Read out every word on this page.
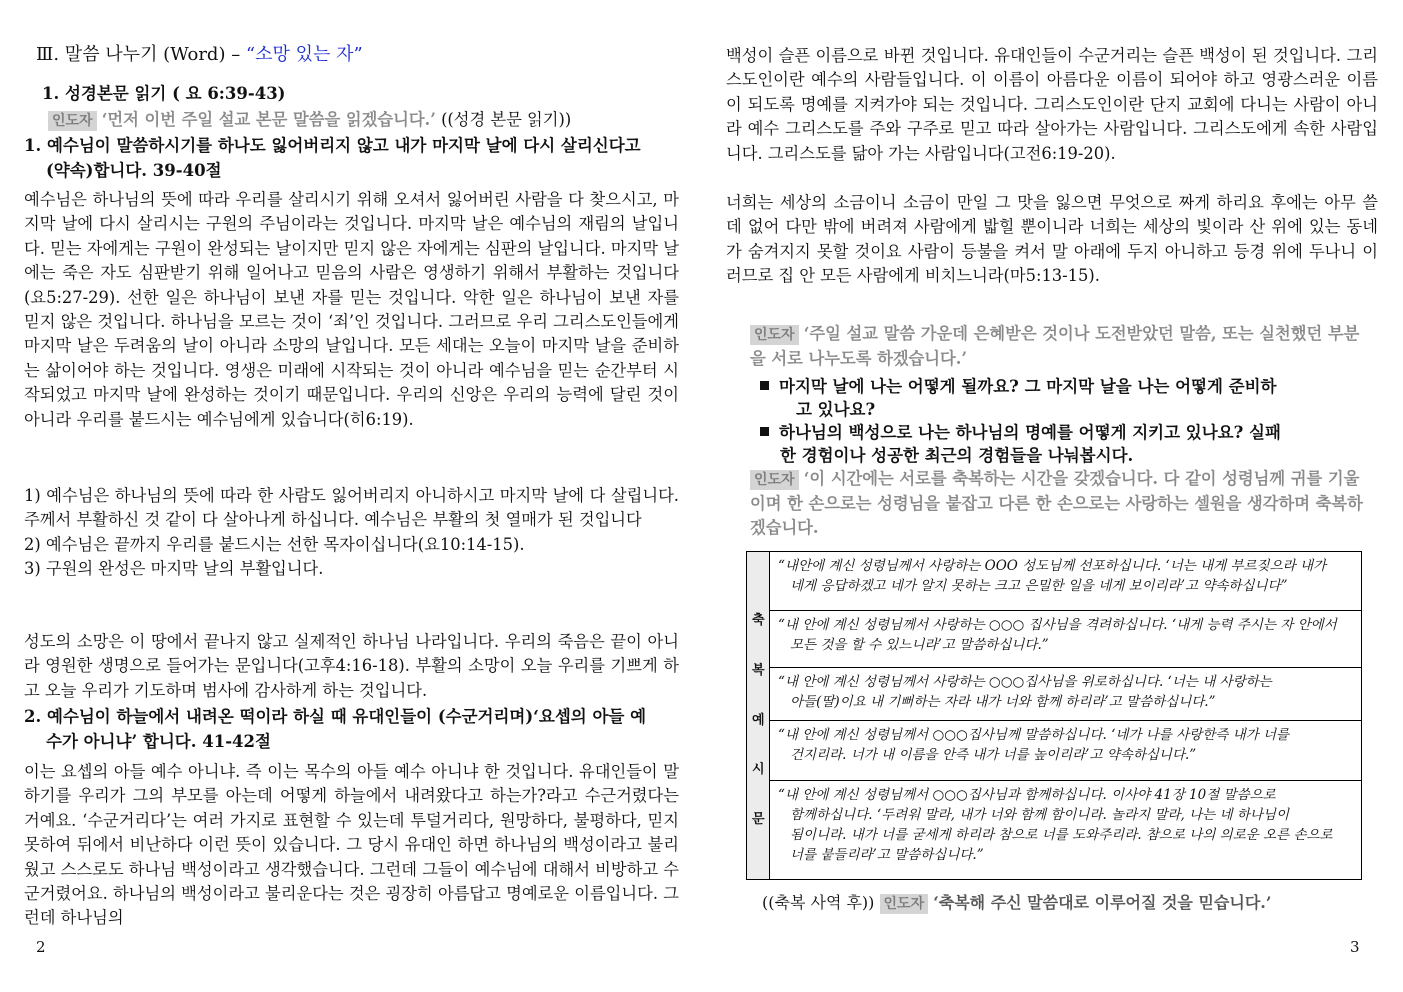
Ⅲ. 말씀 나누기 (Word) – “소망 있는 자”
1. 성경본문 읽기 ( 요 6:39-43)
인도자 ‘먼저 이번 주일 설교 본문 말씀을 읽겠습니다.’ ((성경 본문 읽기))
1. 예수님이 말씀하시기를 하나도 잃어버리지 않고 내가 마지막 날에 다시 살리신다고
(약속)합니다. 39-40절

예수님은 하나님의 뜻에 따라 우리를 살리시기 위해 오셔서 잃어버린 사람을 다 찾으시고, 마지막 날에 다시 살리시는 구원의 주님이라는 것입니다. 마지막 날은 예수님의 재림의 날입니다. 믿는 자에게는 구원이 완성되는 날이지만 믿지 않은 자에게는 심판의 날입니다. 마지막 날에는 죽은 자도 심판받기 위해 일어나고 믿음의 사람은 영생하기 위해서 부활하는 것입니다(요5:27-29). 선한 일은 하나님이 보낸 자를 믿는 것입니다. 악한 일은 하나님이 보낸 자를 믿지 않은 것입니다. 하나님을 모르는 것이 ‘죄’인 것입니다. 그러므로 우리 그리스도인들에게 마지막 날은 두려움의 날이 아니라 소망의 날입니다. 모든 세대는 오늘이 마지막 날을 준비하는 삶이어야 하는 것입니다. 영생은 미래에 시작되는 것이 아니라 예수님을 믿는 순간부터 시작되었고 마지막 날에 완성하는 것이기 때문입니다. 우리의 신앙은 우리의 능력에 달린 것이 아니라 우리를 붙드시는 예수님에게 있습니다(히6:19).

1) 예수님은 하나님의 뜻에 따라 한 사람도 잃어버리지 아니하시고 마지막 날에 다 살립니다. 주께서 부활하신 것 같이 다 살아나게 하십니다. 예수님은 부활의 첫 열매가 된 것입니다

2) 예수님은 끝까지 우리를 붙드시는 선한 목자이십니다(요10:14-15).

3) 구원의 완성은 마지막 날의 부활입니다.

성도의 소망은 이 땅에서 끝나지 않고 실제적인 하나님 나라입니다. 우리의 죽음은 끝이 아니라 영원한 생명으로 들어가는 문입니다(고후4:16-18). 부활의 소망이 오늘 우리를 기쁘게 하고 오늘 우리가 기도하며 범사에 감사하게 하는 것입니다.

2. 예수님이 하늘에서 내려온 떡이라 하실 때 유대인들이 (수군거리며)‘요셉의 아들 예
수가 아니냐’ 합니다. 41-42절

이는 요셉의 아들 예수 아니냐. 즉 이는 목수의 아들 예수 아니냐 한 것입니다. 유대인들이 말하기를 우리가 그의 부모를 아는데 어떻게 하늘에서 내려왔다고 하는가?라고 수근거렸다는 거예요. ‘수군거리다’는 여러 가지로 표현할 수 있는데 투덜거리다, 원망하다, 불평하다, 믿지 못하여 뒤에서 비난하다 이런 뜻이 있습니다. 그 당시 유대인 하면 하나님의 백성이라고 불리웠고 스스로도 하나님 백성이라고 생각했습니다. 그런데 그들이 예수님에 대해서 비방하고 수군거렸어요. 하나님의 백성이라고 불리운다는 것은 굉장히 아름답고 명예로운 이름입니다. 그런데 하나님의

2

백성이 슬픈 이름으로 바뀐 것입니다. 유대인들이 수군거리는 슬픈 백성이 된 것입니다. 그리스도인이란 예수의 사람들입니다. 이 이름이 아름다운 이름이 되어야 하고 영광스러운 이름이 되도록 명예를 지켜가야 되는 것입니다. 그리스도인이란 단지 교회에 다니는 사람이 아니라 예수 그리스도를 주와 구주로 믿고 따라 살아가는 사람입니다. 그리스도에게 속한 사람입니다. 그리스도를 닮아 가는 사람입니다(고전6:19-20).

너희는 세상의 소금이니 소금이 만일 그 맛을 잃으면 무엇으로 짜게 하리요 후에는 아무 쓸 데 없어 다만 밖에 버려져 사람에게 밟힐 뿐이니라 너희는 세상의 빛이라 산 위에 있는 동네가 숨겨지지 못할 것이요 사람이 등불을 켜서 말 아래에 두지 아니하고 등경 위에 두나니 이러므로 집 안 모든 사람에게 비치느니라(마5:13-15).

인도자 ‘주일 설교 말씀 가운데 은혜받은 것이나 도전받았던 말씀, 또는 실천했던 부분을 서로 나누도록 하겠습니다.’
마지막 날에 나는 어떻게 될까요? 그 마지막 날을 나는 어떻게 준비하
고 있나요?
하나님의 백성으로 나는 하나님의 명예를 어떻게 지키고 있나요? 실패
한 경험이나 성공한 최근의 경험들을 나눠봅시다.
인도자 ‘이 시간에는 서로를 축복하는 시간을 갖겠습니다. 다 같이 성령님께 귀를 기울이며 한 손으로는 성령님을 붙잡고 다른 한 손으로는 사랑하는 셀원을 생각하며 축복하겠습니다.
축
복
예
시
문
“내안에 계신 성령님께서 사랑하는 OOO 성도님께 선포하십니다. ‘너는 내게 부르짖으라 내가
네게 응답하겠고 네가 알지 못하는 크고 은밀한 일을 네게 보이리라’고 약속하십니다”
“내 안에 계신 성령님께서 사랑하는 ○○○ 집사님을 격려하십니다. ‘내게 능력 주시는 자 안에서
모든 것을 할 수 있느니라’고 말씀하십니다.”
“내 안에 계신 성령님께서 사랑하는 ○○○집사님을 위로하십니다. ‘너는 내 사랑하는
아들(딸)이요 내 기뻐하는 자라 내가 너와 함께 하리라’고 말씀하십니다.”
“내 안에 계신 성령님께서 ○○○집사님께 말씀하십니다. ‘네가 나를 사랑한즉 내가 너를
건지리라. 너가 내 이름을 안즉 내가 너를 높이리라’고 약속하십니다.”
“내 안에 계신 성령님께서 ○○○집사님과 함께하십니다. 이사야 41장 10절 말씀으로
함께하십니다. ‘두려워 말라, 내가 너와 함께 함이니라. 놀라지 말라, 나는 네 하나님이
됨이니라. 내가 너를 굳세게 하리라 참으로 너를 도와주리라. 참으로 나의 의로운 오른 손으로
너를 붙들리라’고 말씀하십니다.”
((축복 사역 후)) 인도자 ‘축복해 주신 말씀대로 이루어질 것을 믿습니다.’
3
